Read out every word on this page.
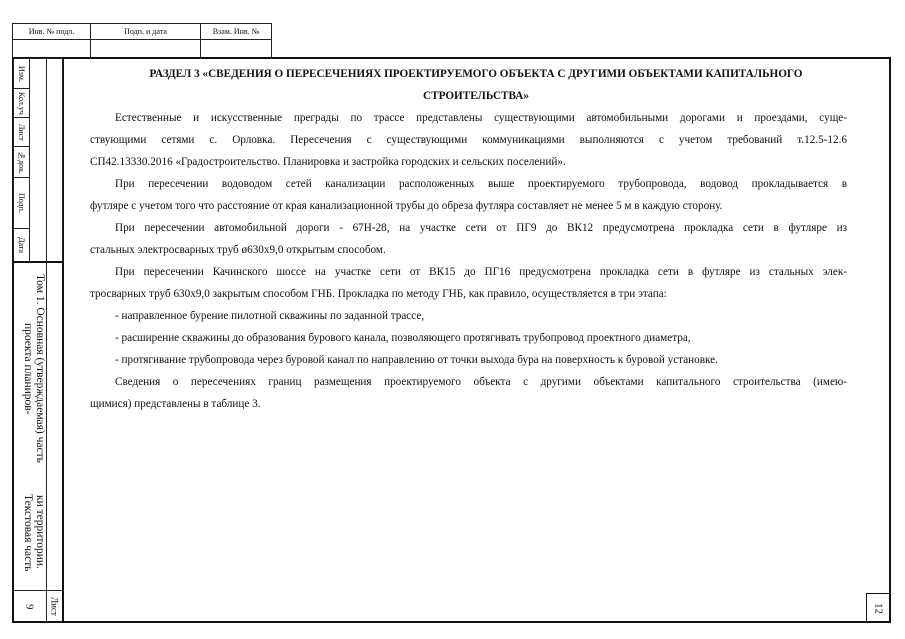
Инв. № подл.	Подп. и дата	Взам. Инв. №
Изм.
Кол.уч
Лист
№док.
Подп.
Дата
Том 1. Основная (утверждаемая) часть проекта планиров-
ки территории. Текстовая часть
Лист
9	12
РАЗДЕЛ 3 «СВЕДЕНИЯ О ПЕРЕСЕЧЕНИЯХ ПРОЕКТИРУЕМОГО ОБЪЕКТА С ДРУГИМИ ОБЪЕКТАМИ КАПИТАЛЬНОГО
СТРОИТЕЛЬСТВА»
Естественные и искусственные преграды по трассе представлены существующими автомобильными дорогами и проездами, суще-
ствующими сетями с. Орловка. Пересечения с существующими коммуникациями выполняются с учетом требований т.12.5-12.6
СП42.13330.2016 «Градостроительство. Планировка и застройка городских и сельских поселений».
При пересечении водоводом сетей канализации расположенных выше проектируемого трубопровода, водовод прокладывается в
футляре с учетом того что расстояние от края канализационной трубы до обреза футляра составляет не менее 5 м в каждую сторону.
При пересечении автомобильной дороги - 67Н-28, на участке сети от ПГ9 до ВК12 предусмотрена прокладка сети в футляре из
стальных электросварных труб ø630х9,0 открытым способом.
При пересечении Качинского шоссе на участке сети от ВК15 до ПГ16 предусмотрена прокладка сети в футляре из стальных элек-
тросварных труб 630х9,0 закрытым способом ГНБ. Прокладка по методу ГНБ, как правило, осуществляется в три этапа:
- направленное бурение пилотной скважины по заданной трассе,
- расширение скважины до образования бурового канала, позволяющего протягивать трубопровод проектного диаметра,
- протягивание трубопровода через буровой канал по направлению от точки выхода бура на поверхность к буровой установке.
Сведения о пересечениях границ размещения проектируемого объекта с другими объектами капитального строительства (имею-
щимися) представлены в таблице 3.
